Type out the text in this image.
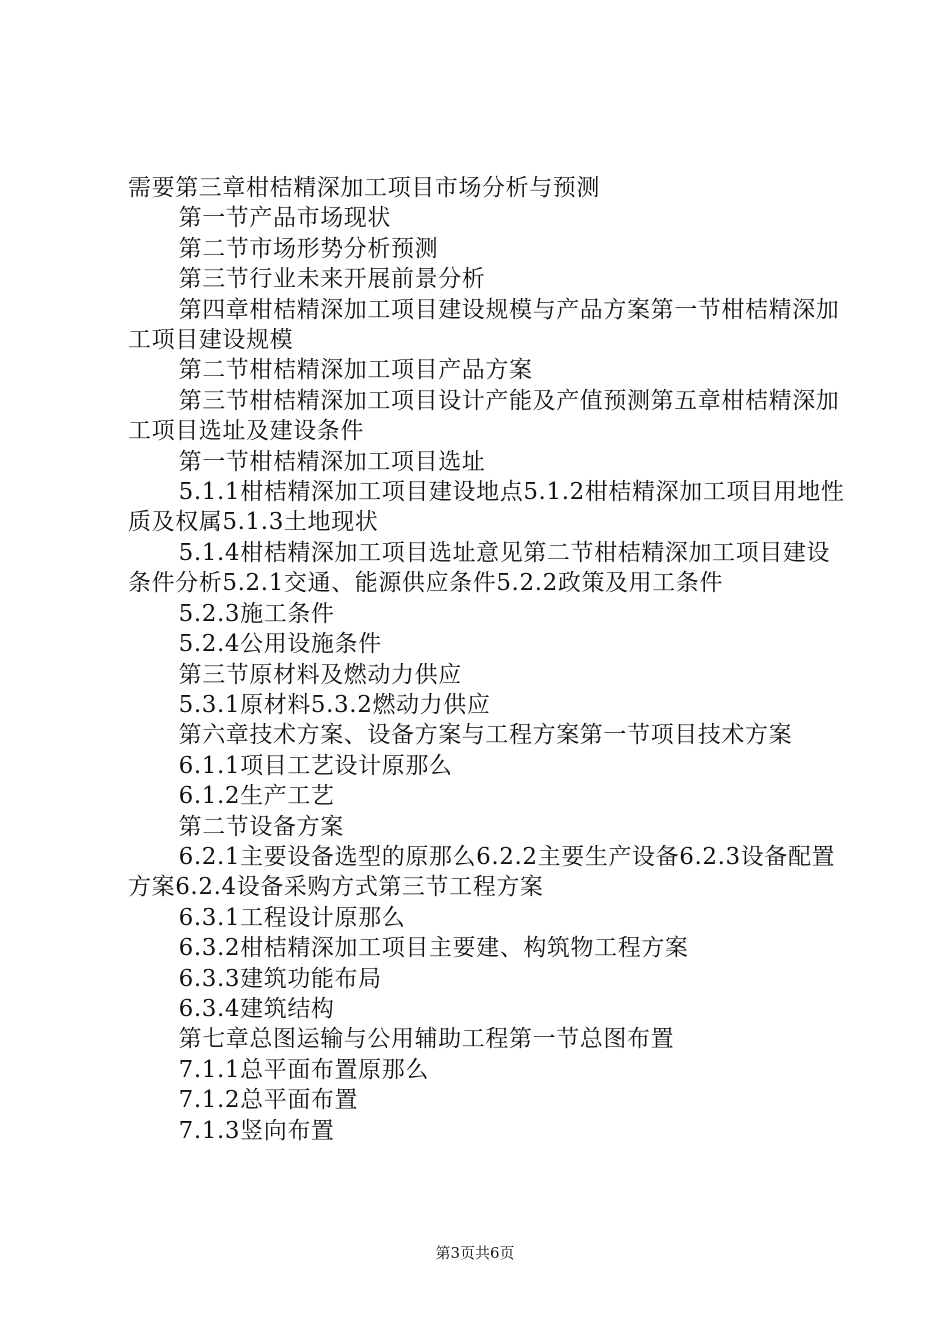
需要第三章柑桔精深加工项目市场分析与预测

第一节产品市场现状

第二节市场形势分析预测

第三节行业未来开展前景分析

第四章柑桔精深加工项目建设规模与产品方案第一节柑桔精深加工项目建设规模

第二节柑桔精深加工项目产品方案

第三节柑桔精深加工项目设计产能及产值预测第五章柑桔精深加工项目选址及建设条件

第一节柑桔精深加工项目选址

5.1.1柑桔精深加工项目建设地点5.1.2柑桔精深加工项目用地性质及权属5.1.3土地现状

5.1.4柑桔精深加工项目选址意见第二节柑桔精深加工项目建设条件分析5.2.1交通、能源供应条件5.2.2政策及用工条件

5.2.3施工条件

5.2.4公用设施条件

第三节原材料及燃动力供应

5.3.1原材料5.3.2燃动力供应

第六章技术方案、设备方案与工程方案第一节项目技术方案

6.1.1项目工艺设计原那么

6.1.2生产工艺

第二节设备方案

6.2.1主要设备选型的原那么6.2.2主要生产设备6.2.3设备配置方案6.2.4设备采购方式第三节工程方案

6.3.1工程设计原那么

6.3.2柑桔精深加工项目主要建、构筑物工程方案

6.3.3建筑功能布局

6.3.4建筑结构

第七章总图运输与公用辅助工程第一节总图布置

7.1.1总平面布置原那么

7.1.2总平面布置

7.1.3竖向布置

第3页共6页
